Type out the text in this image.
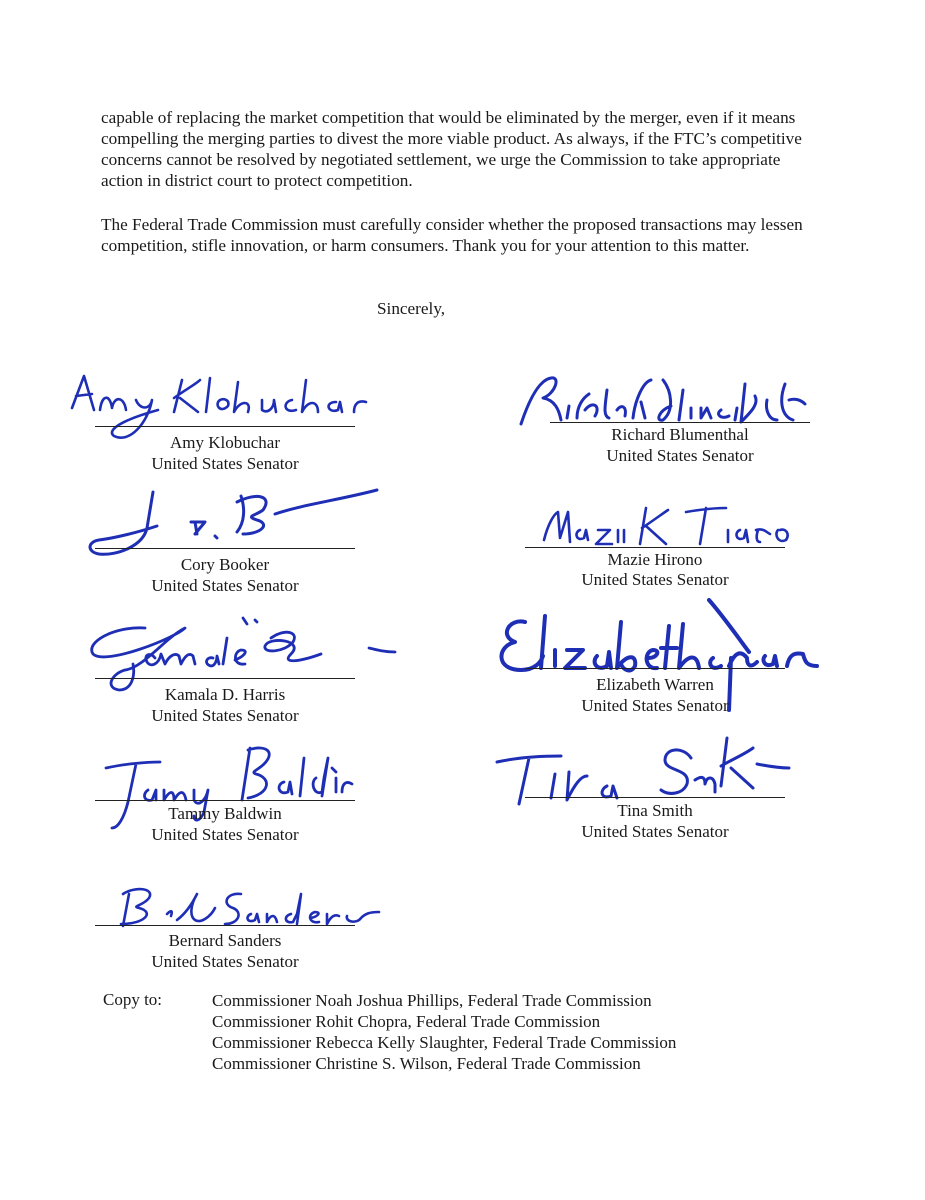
capable of replacing the market competition that would be eliminated by the merger, even if it means compelling the merging parties to divest the more viable product. As always, if the FTC’s competitive concerns cannot be resolved by negotiated settlement, we urge the Commission to take appropriate action in district court to protect competition.

The Federal Trade Commission must carefully consider whether the proposed transactions may lessen competition, stifle innovation, or harm consumers. Thank you for your attention to this matter.

Sincerely,

Amy Klobuchar
United States Senator
Richard Blumenthal
United States Senator
Cory Booker
United States Senator
Mazie Hirono
United States Senator
Kamala D. Harris
United States Senator
Elizabeth Warren
United States Senator
Tammy Baldwin
United States Senator
Tina Smith
United States Senator
Bernard Sanders
United States Senator
Copy to:	Commissioner Noah Joshua Phillips, Federal Trade Commission
Commissioner Rohit Chopra, Federal Trade Commission
Commissioner Rebecca Kelly Slaughter, Federal Trade Commission
Commissioner Christine S. Wilson, Federal Trade Commission
